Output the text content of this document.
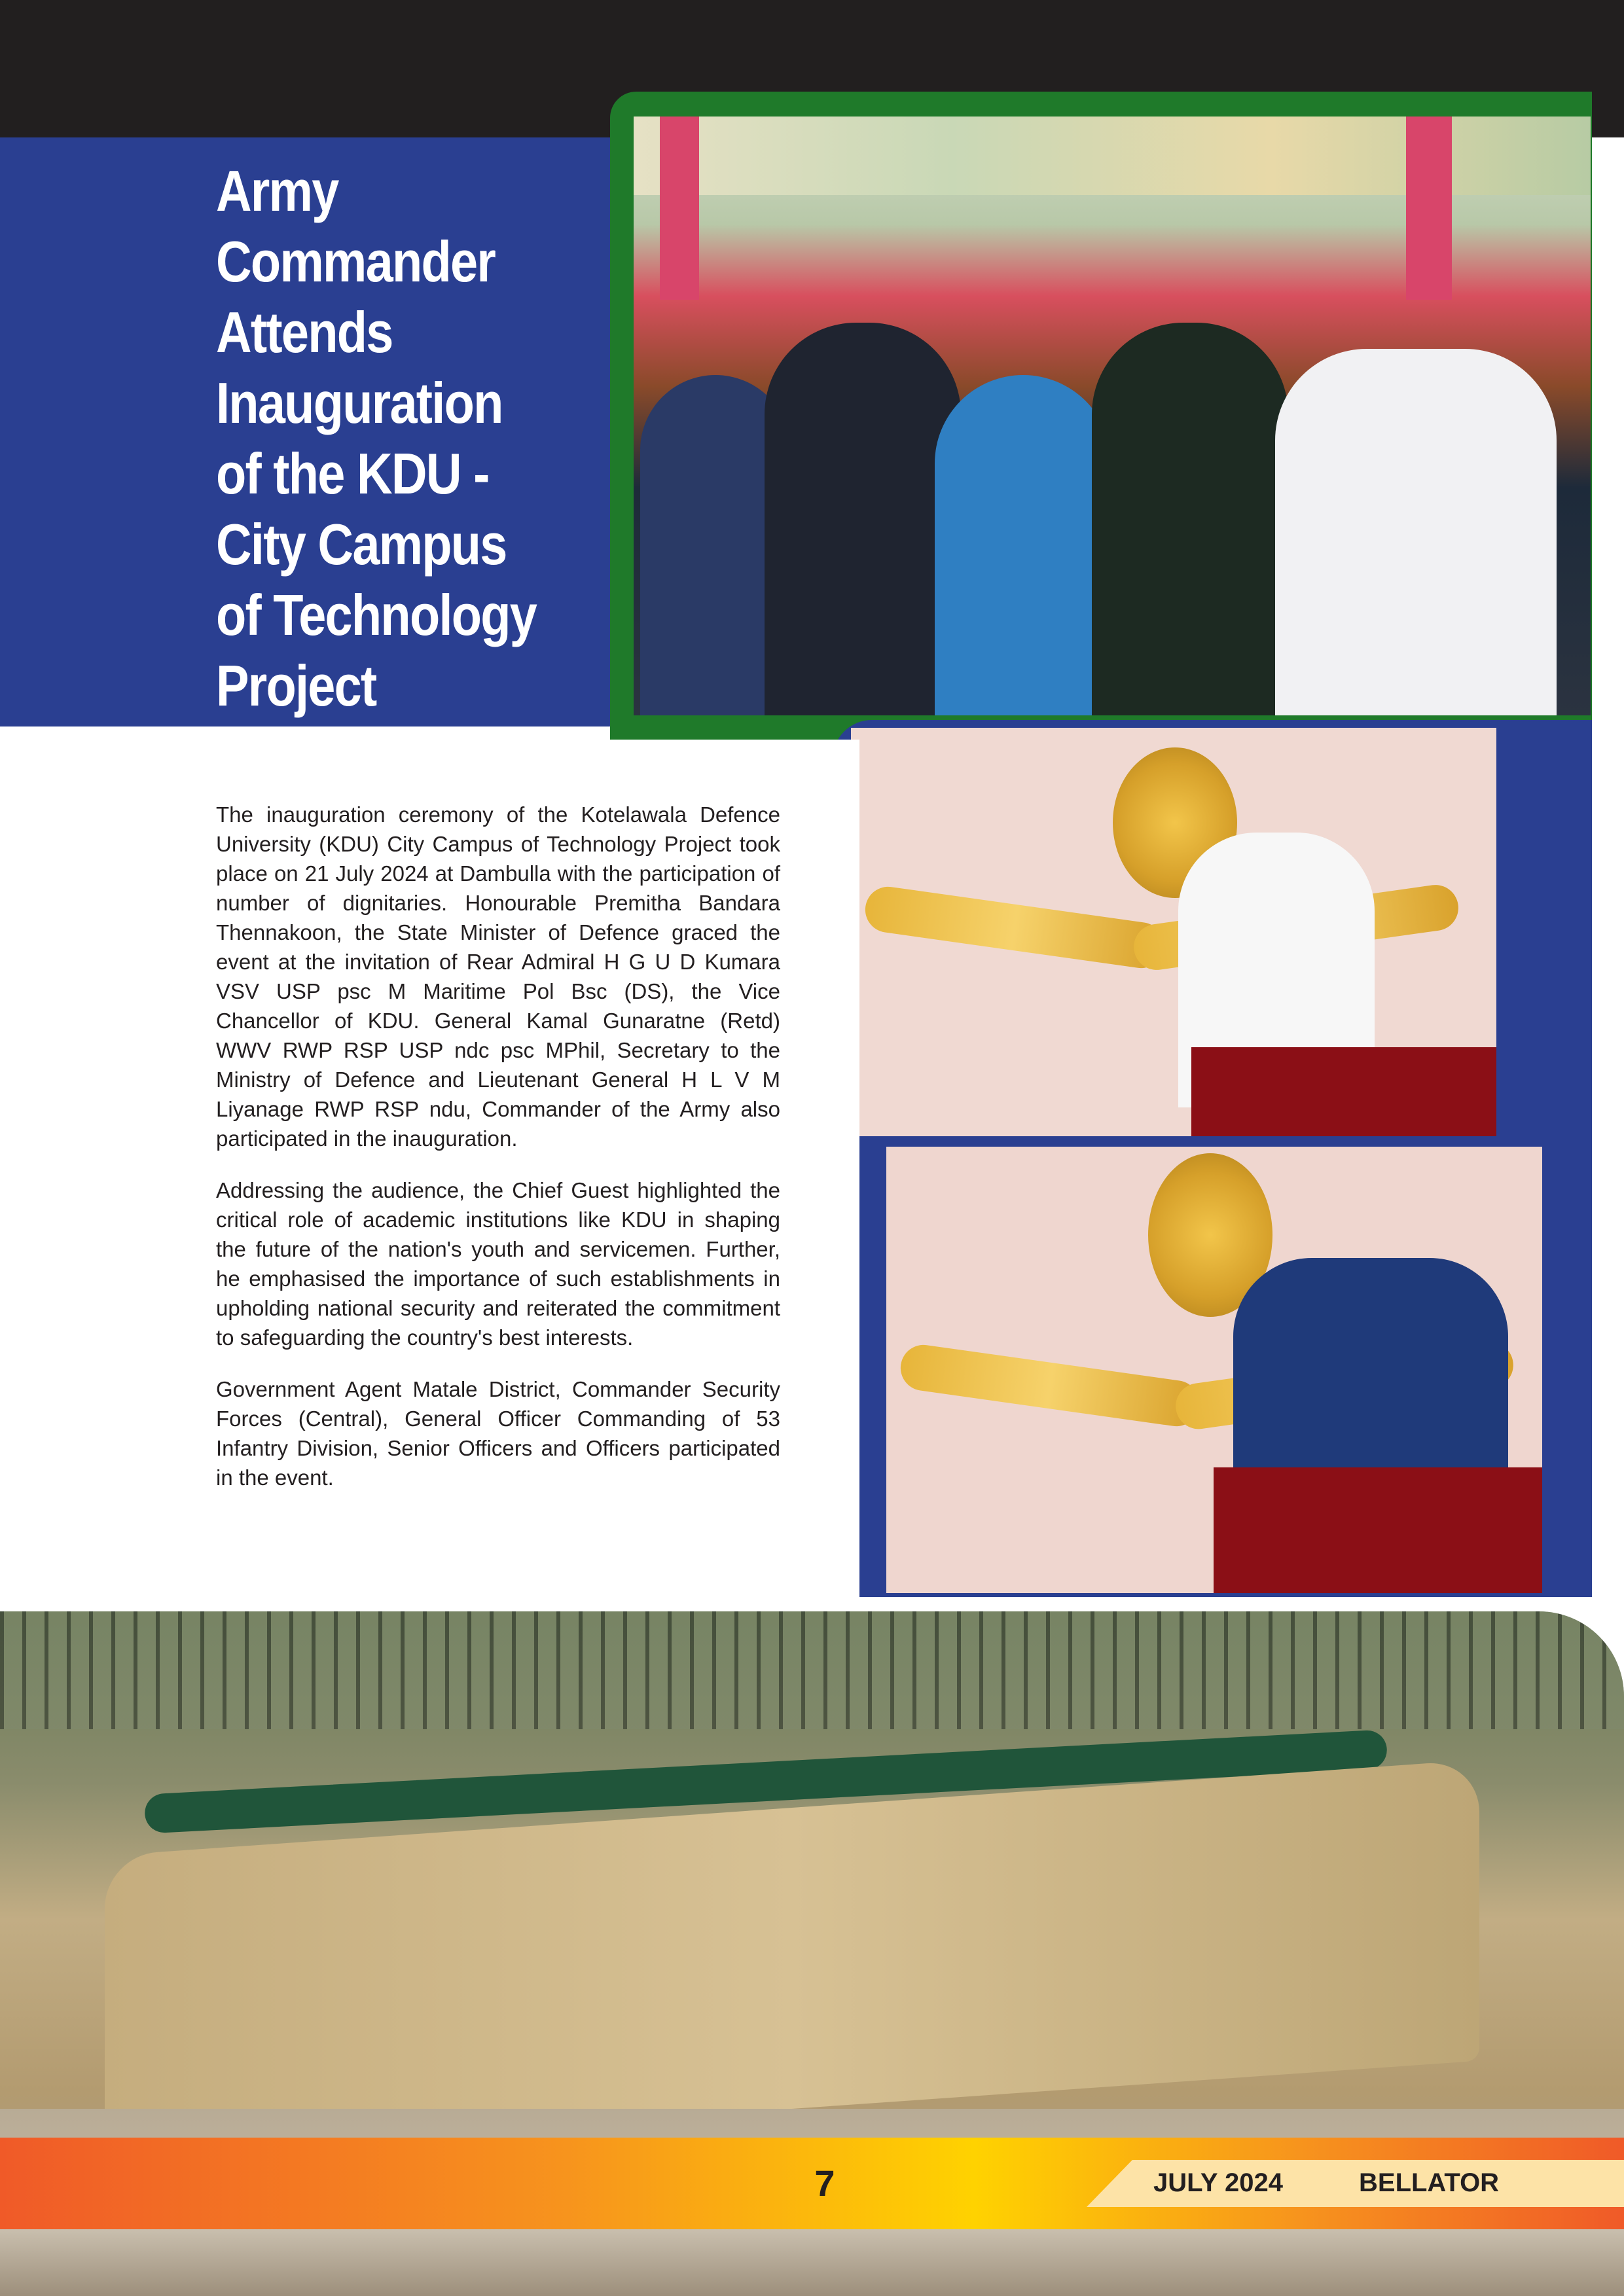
Army
Commander
Attends
Inauguration
of the KDU -
City Campus
of Technology
Project

The inauguration ceremony of the Kotelawala Defence University (KDU) City Campus of Technology Project took place on 21 July 2024 at Dambulla with the participation of number of dignitaries. Honourable Premitha Bandara Thennakoon, the State Minister of Defence graced the event at the invitation of Rear Admiral H G U D Kumara VSV USP psc M Maritime Pol Bsc (DS), the Vice Chancellor of KDU. General Kamal Gunaratne (Retd) WWV RWP RSP USP ndc psc MPhil, Secretary to the Ministry of Defence and Lieutenant General H L V M Liyanage RWP RSP ndu, Commander of the Army also participated in the inauguration.

Addressing the audience, the Chief Guest highlighted the critical role of academic institutions like KDU in shaping the future of the nation's youth and servicemen. Further, he emphasised the importance of such establishments in upholding national security and reiterated the commitment to safeguarding the country's best interests.

Government Agent Matale District, Commander Security Forces (Central), General Officer Commanding of 53 Infantry Division, Senior Officers and Officers participated in the event.

7	JULY 2024	BELLATOR
